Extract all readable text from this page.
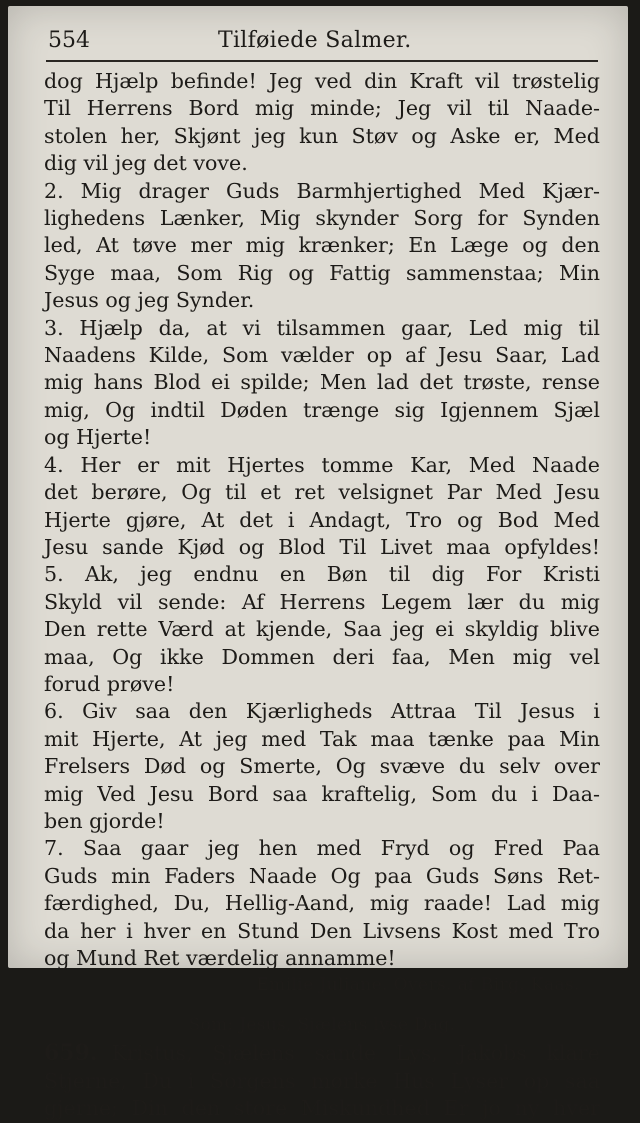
554	Tilføiede Salmer.
dog Hjælp befinde! Jeg ved din Kraft vil trøstelig
Til Herrens Bord mig minde; Jeg vil til Naade-
stolen her, Skjønt jeg kun Støv og Aske er, Med
dig vil jeg det vove.
2. Mig drager Guds Barmhjertighed Med Kjær-
lighedens Lænker, Mig skynder Sorg for Synden
led, At tøve mer mig krænker; En Læge og den
Syge maa, Som Rig og Fattig sammenstaa; Min
Jesus og jeg Synder.
3. Hjælp da, at vi tilsammen gaar, Led mig til
Naadens Kilde, Som vælder op af Jesu Saar, Lad
mig hans Blod ei spilde; Men lad det trøste, rense
mig, Og indtil Døden trænge sig Igjennem Sjæl
og Hjerte!
4. Her er mit Hjertes tomme Kar, Med Naade
det berøre, Og til et ret velsignet Par Med Jesu
Hjerte gjøre, At det i Andagt, Tro og Bod Med
Jesu sande Kjød og Blod Til Livet maa opfyldes!
5. Ak, jeg endnu en Bøn til dig For Kristi
Skyld vil sende: Af Herrens Legem lær du mig
Den rette Værd at kjende, Saa jeg ei skyldig blive
maa, Og ikke Dommen deri faa, Men mig vel
forud prøve!
6. Giv saa den Kjærligheds Attraa Til Jesus i
mit Hjerte, At jeg med Tak maa tænke paa Min
Frelsers Død og Smerte, Og svæve du selv over
mig Ved Jesu Bord saa kraftelig, Som du i Daa-
ben gjorde!
7. Saa gaar jeg hen med Fryd og Fred Paa
Guds min Faders Naade Og paa Guds Søns Ret-
færdighed, Du, Hellig-Aand, mig raade! Lad mig
da her i hver en Stund Den Livsens Kost med Tro
og Mund Ret værdelig annamme!
Emilie Juliane. Overs. af Birg. Kaas.
Som: Jesus, Sjælens lyse Dag.
659. Kristus, Sjælens sande Lys, Jakobs klare
Stjerne, Du i Sorgens mørke Hus Lyser op saa
gjerne; Din den store Miskundhed Er jo ny hver
